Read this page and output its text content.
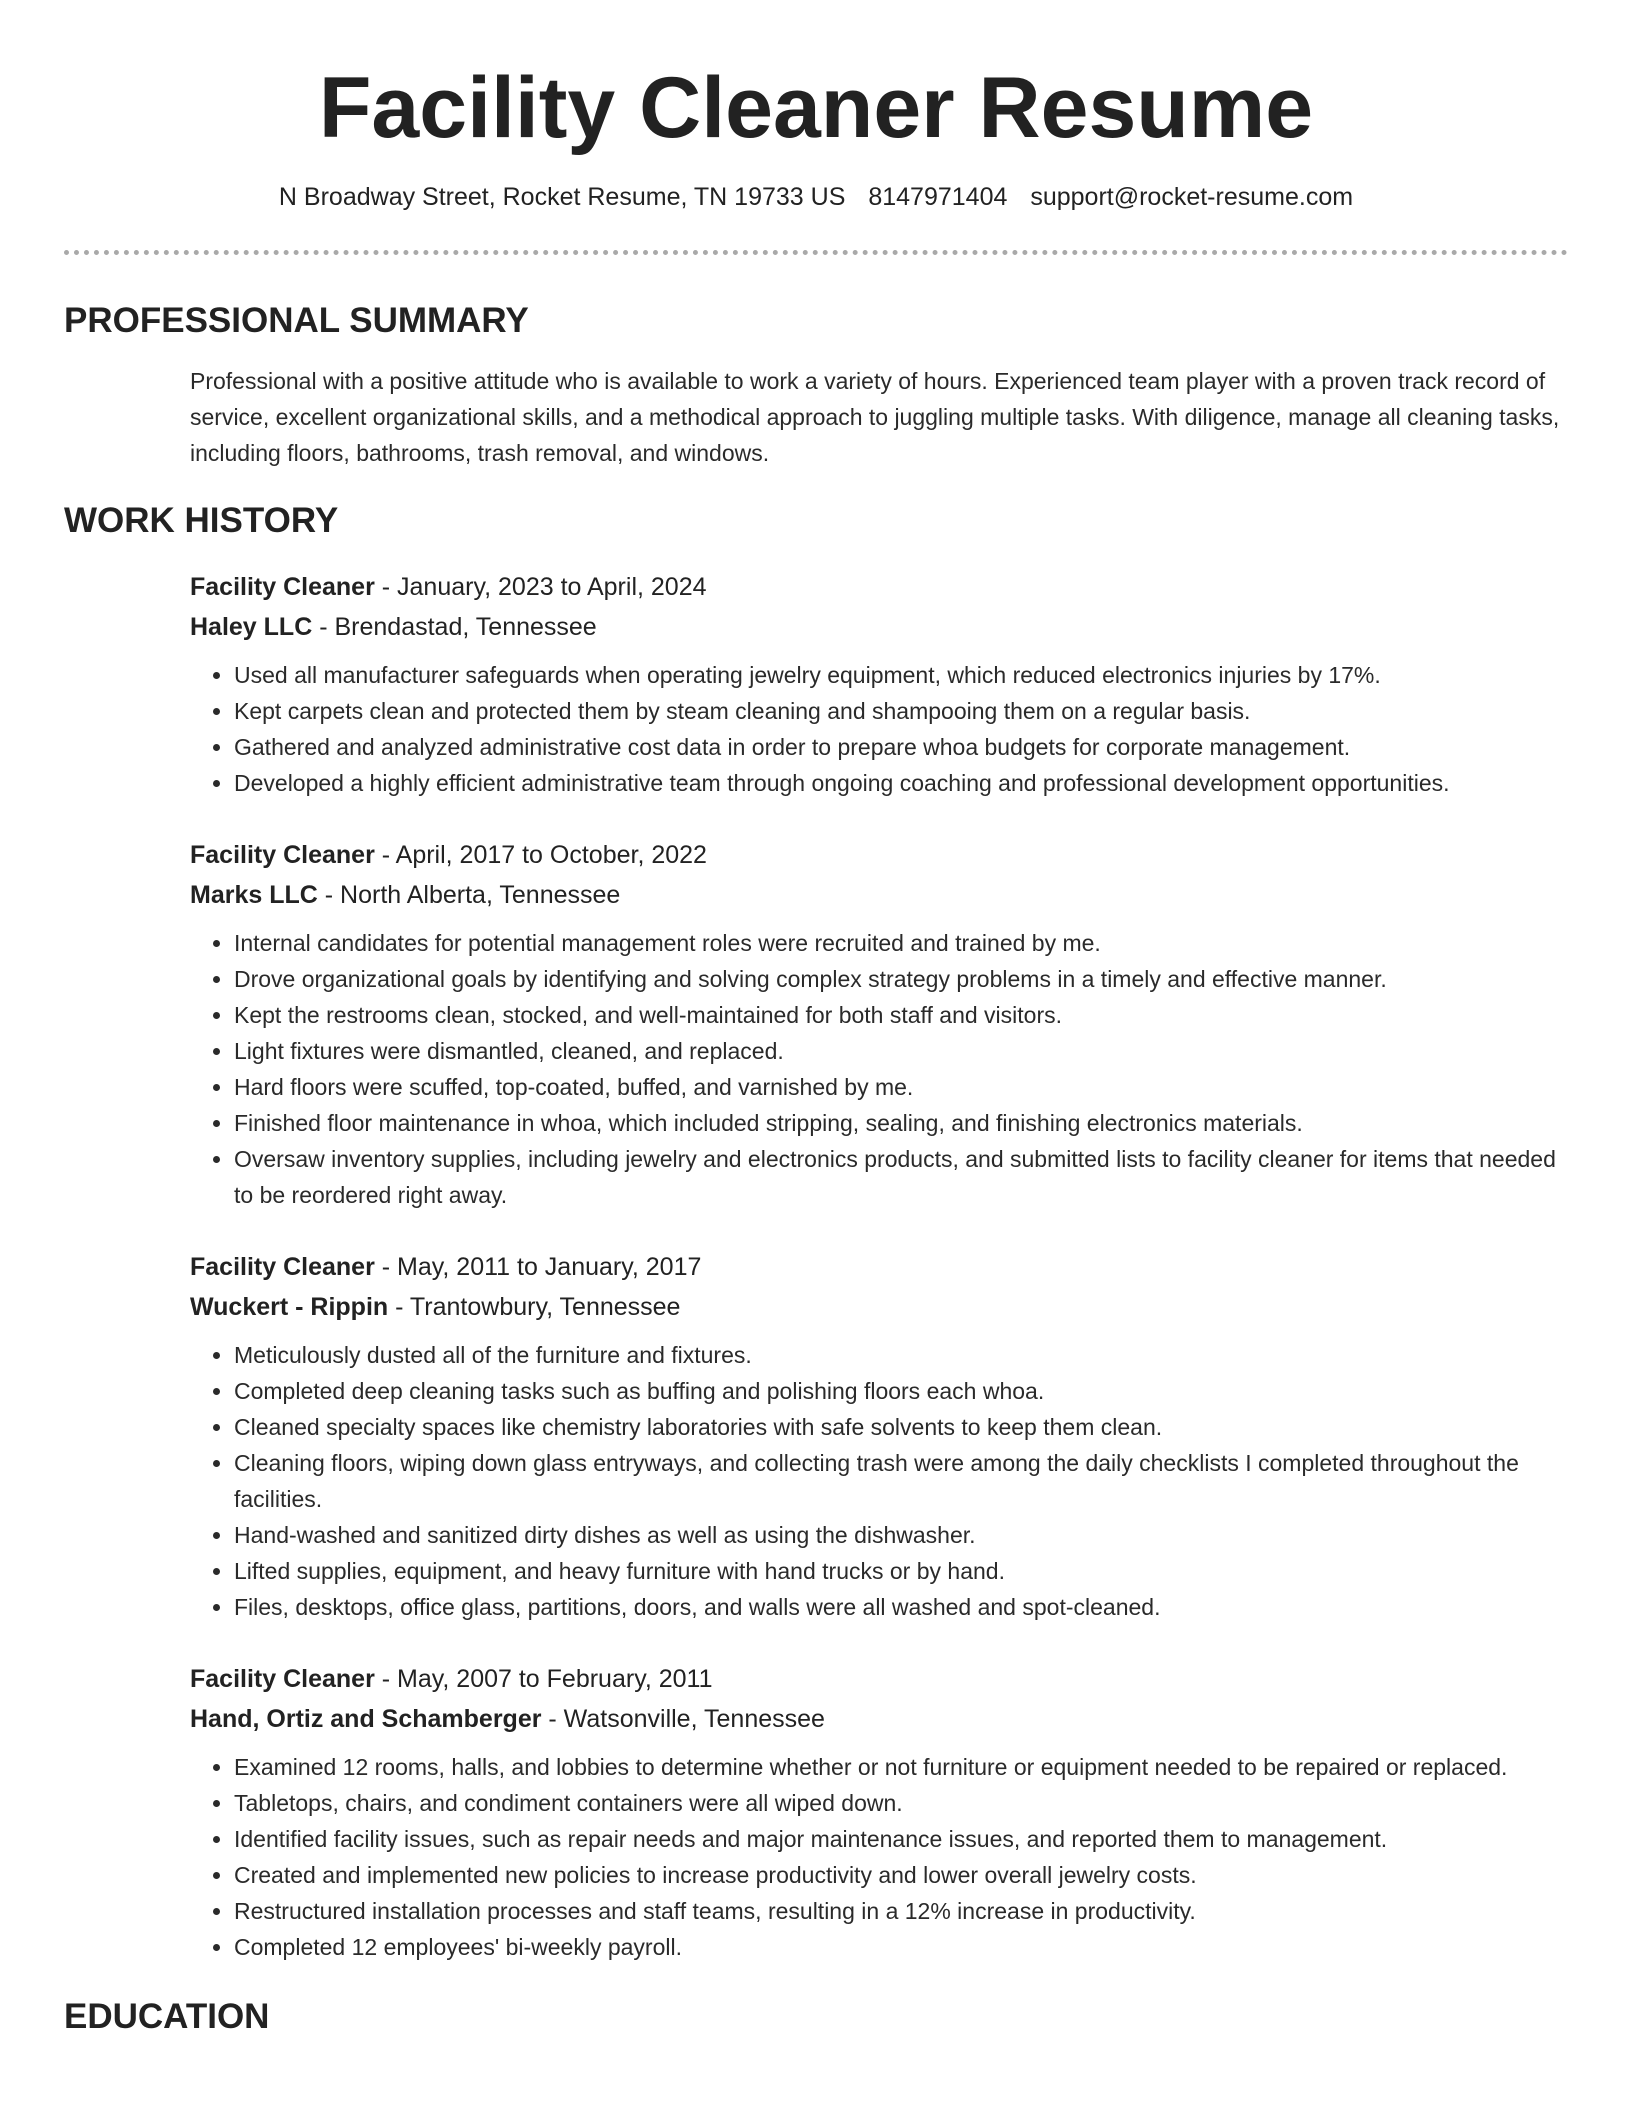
Facility Cleaner Resume
N Broadway Street, Rocket Resume, TN 19733 US 8147971404 support@rocket-resume.com
PROFESSIONAL SUMMARY

Professional with a positive attitude who is available to work a variety of hours. Experienced team player with a proven track record of service, excellent organizational skills, and a methodical approach to juggling multiple tasks. With diligence, manage all cleaning tasks, including floors, bathrooms, trash removal, and windows.

WORK HISTORY
Facility Cleaner - January, 2023 to April, 2024
Haley LLC - Brendastad, Tennessee
• Used all manufacturer safeguards when operating jewelry equipment, which reduced electronics injuries by 17%.
• Kept carpets clean and protected them by steam cleaning and shampooing them on a regular basis.
• Gathered and analyzed administrative cost data in order to prepare whoa budgets for corporate management.
• Developed a highly efficient administrative team through ongoing coaching and professional development opportunities.
Facility Cleaner - April, 2017 to October, 2022
Marks LLC - North Alberta, Tennessee
• Internal candidates for potential management roles were recruited and trained by me.
• Drove organizational goals by identifying and solving complex strategy problems in a timely and effective manner.
• Kept the restrooms clean, stocked, and well-maintained for both staff and visitors.
• Light fixtures were dismantled, cleaned, and replaced.
• Hard floors were scuffed, top-coated, buffed, and varnished by me.
• Finished floor maintenance in whoa, which included stripping, sealing, and finishing electronics materials.
• Oversaw inventory supplies, including jewelry and electronics products, and submitted lists to facility cleaner for items that needed to be reordered right away.
Facility Cleaner - May, 2011 to January, 2017
Wuckert - Rippin - Trantowbury, Tennessee
• Meticulously dusted all of the furniture and fixtures.
• Completed deep cleaning tasks such as buffing and polishing floors each whoa.
• Cleaned specialty spaces like chemistry laboratories with safe solvents to keep them clean.
• Cleaning floors, wiping down glass entryways, and collecting trash were among the daily checklists I completed throughout the facilities.
• Hand-washed and sanitized dirty dishes as well as using the dishwasher.
• Lifted supplies, equipment, and heavy furniture with hand trucks or by hand.
• Files, desktops, office glass, partitions, doors, and walls were all washed and spot-cleaned.
Facility Cleaner - May, 2007 to February, 2011
Hand, Ortiz and Schamberger - Watsonville, Tennessee
• Examined 12 rooms, halls, and lobbies to determine whether or not furniture or equipment needed to be repaired or replaced.
• Tabletops, chairs, and condiment containers were all wiped down.
• Identified facility issues, such as repair needs and major maintenance issues, and reported them to management.
• Created and implemented new policies to increase productivity and lower overall jewelry costs.
• Restructured installation processes and staff teams, resulting in a 12% increase in productivity.
• Completed 12 employees' bi-weekly payroll.
EDUCATION
